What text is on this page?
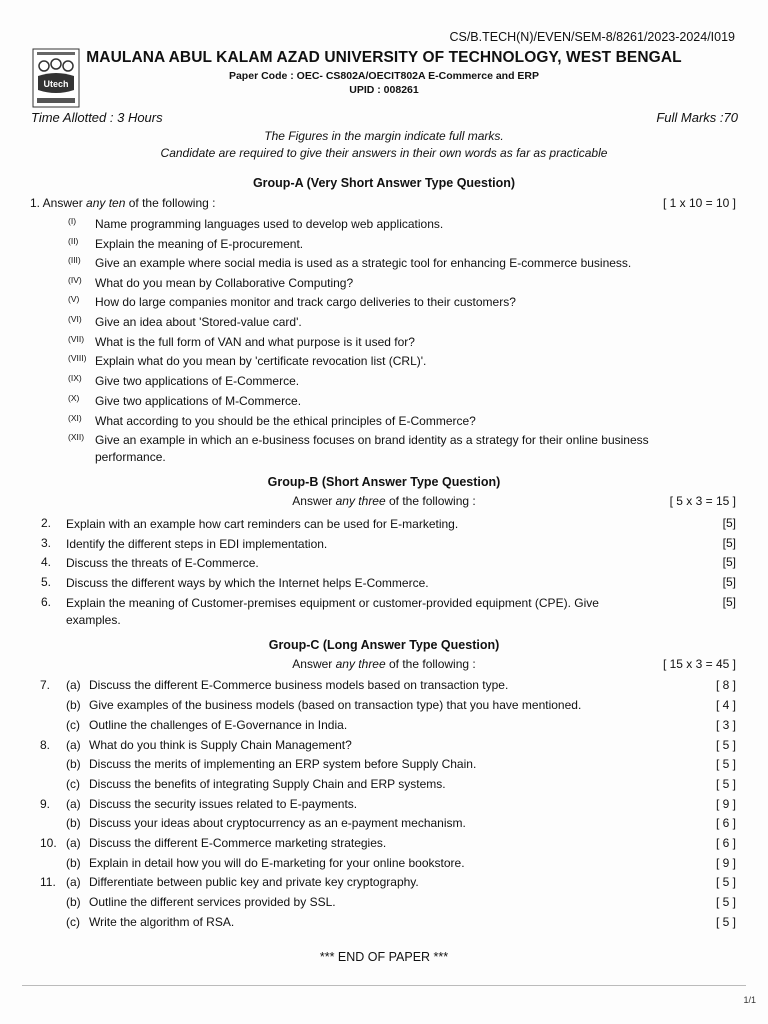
CS/B.TECH(N)/EVEN/SEM-8/8261/2023-2024/I019
Utech
MAULANA ABUL KALAM AZAD UNIVERSITY OF TECHNOLOGY, WEST BENGAL
Paper Code : OEC- CS802A/OECIT802A E-Commerce and ERP
UPID : 008261
Time Allotted : 3 Hours	Full Marks :70
The Figures in the margin indicate full marks.
Candidate are required to give their answers in their own words as far as practicable
Group-A (Very Short Answer Type Question)
1. Answer any ten of the following :	[ 1 x 10 = 10 ]
(I) Name programming languages used to develop web applications.
(II) Explain the meaning of E-procurement.
(III) Give an example where social media is used as a strategic tool for enhancing E-commerce business.
(IV) What do you mean by Collaborative Computing?
(V) How do large companies monitor and track cargo deliveries to their customers?
(VI) Give an idea about 'Stored-value card'.
(VII) What is the full form of VAN and what purpose is it used for?
(VIII) Explain what do you mean by 'certificate revocation list (CRL)'.
(IX) Give two applications of E-Commerce.
(X) Give two applications of M-Commerce.
(XI) What according to you should be the ethical principles of E-Commerce?
(XII) Give an example in which an e-business focuses on brand identity as a strategy for their online business performance.
Group-B (Short Answer Type Question)
Answer any three of the following :	[ 5 x 3 = 15 ]
2. Explain with an example how cart reminders can be used for E-marketing.	[5]
3. Identify the different steps in EDI implementation.	[5]
4. Discuss the threats of E-Commerce.	[5]
5. Discuss the different ways by which the Internet helps E-Commerce.	[5]
6. Explain the meaning of Customer-premises equipment or customer-provided equipment (CPE). Give examples.
[5]
Group-C (Long Answer Type Question)
Answer any three of the following :	[ 15 x 3 = 45 ]
7. (a) Discuss the different E-Commerce business models based on transaction type.	[ 8 ]
(b) Give examples of the business models (based on transaction type) that you have mentioned.	[ 4 ]
(c) Outline the challenges of E-Governance in India.	[ 3 ]
8. (a) What do you think is Supply Chain Management?	[ 5 ]
(b) Discuss the merits of implementing an ERP system before Supply Chain.	[ 5 ]
(c) Discuss the benefits of integrating Supply Chain and ERP systems.	[ 5 ]
9. (a) Discuss the security issues related to E-payments.	[ 9 ]
(b) Discuss your ideas about cryptocurrency as an e-payment mechanism.	[ 6 ]
10. (a) Discuss the different E-Commerce marketing strategies.	[ 6 ]
(b) Explain in detail how you will do E-marketing for your online bookstore.	[ 9 ]
11. (a) Differentiate between public key and private key cryptography.	[ 5 ]
(b) Outline the different services provided by SSL.	[ 5 ]
(c) Write the algorithm of RSA.	[ 5 ]
*** END OF PAPER ***
1/1
